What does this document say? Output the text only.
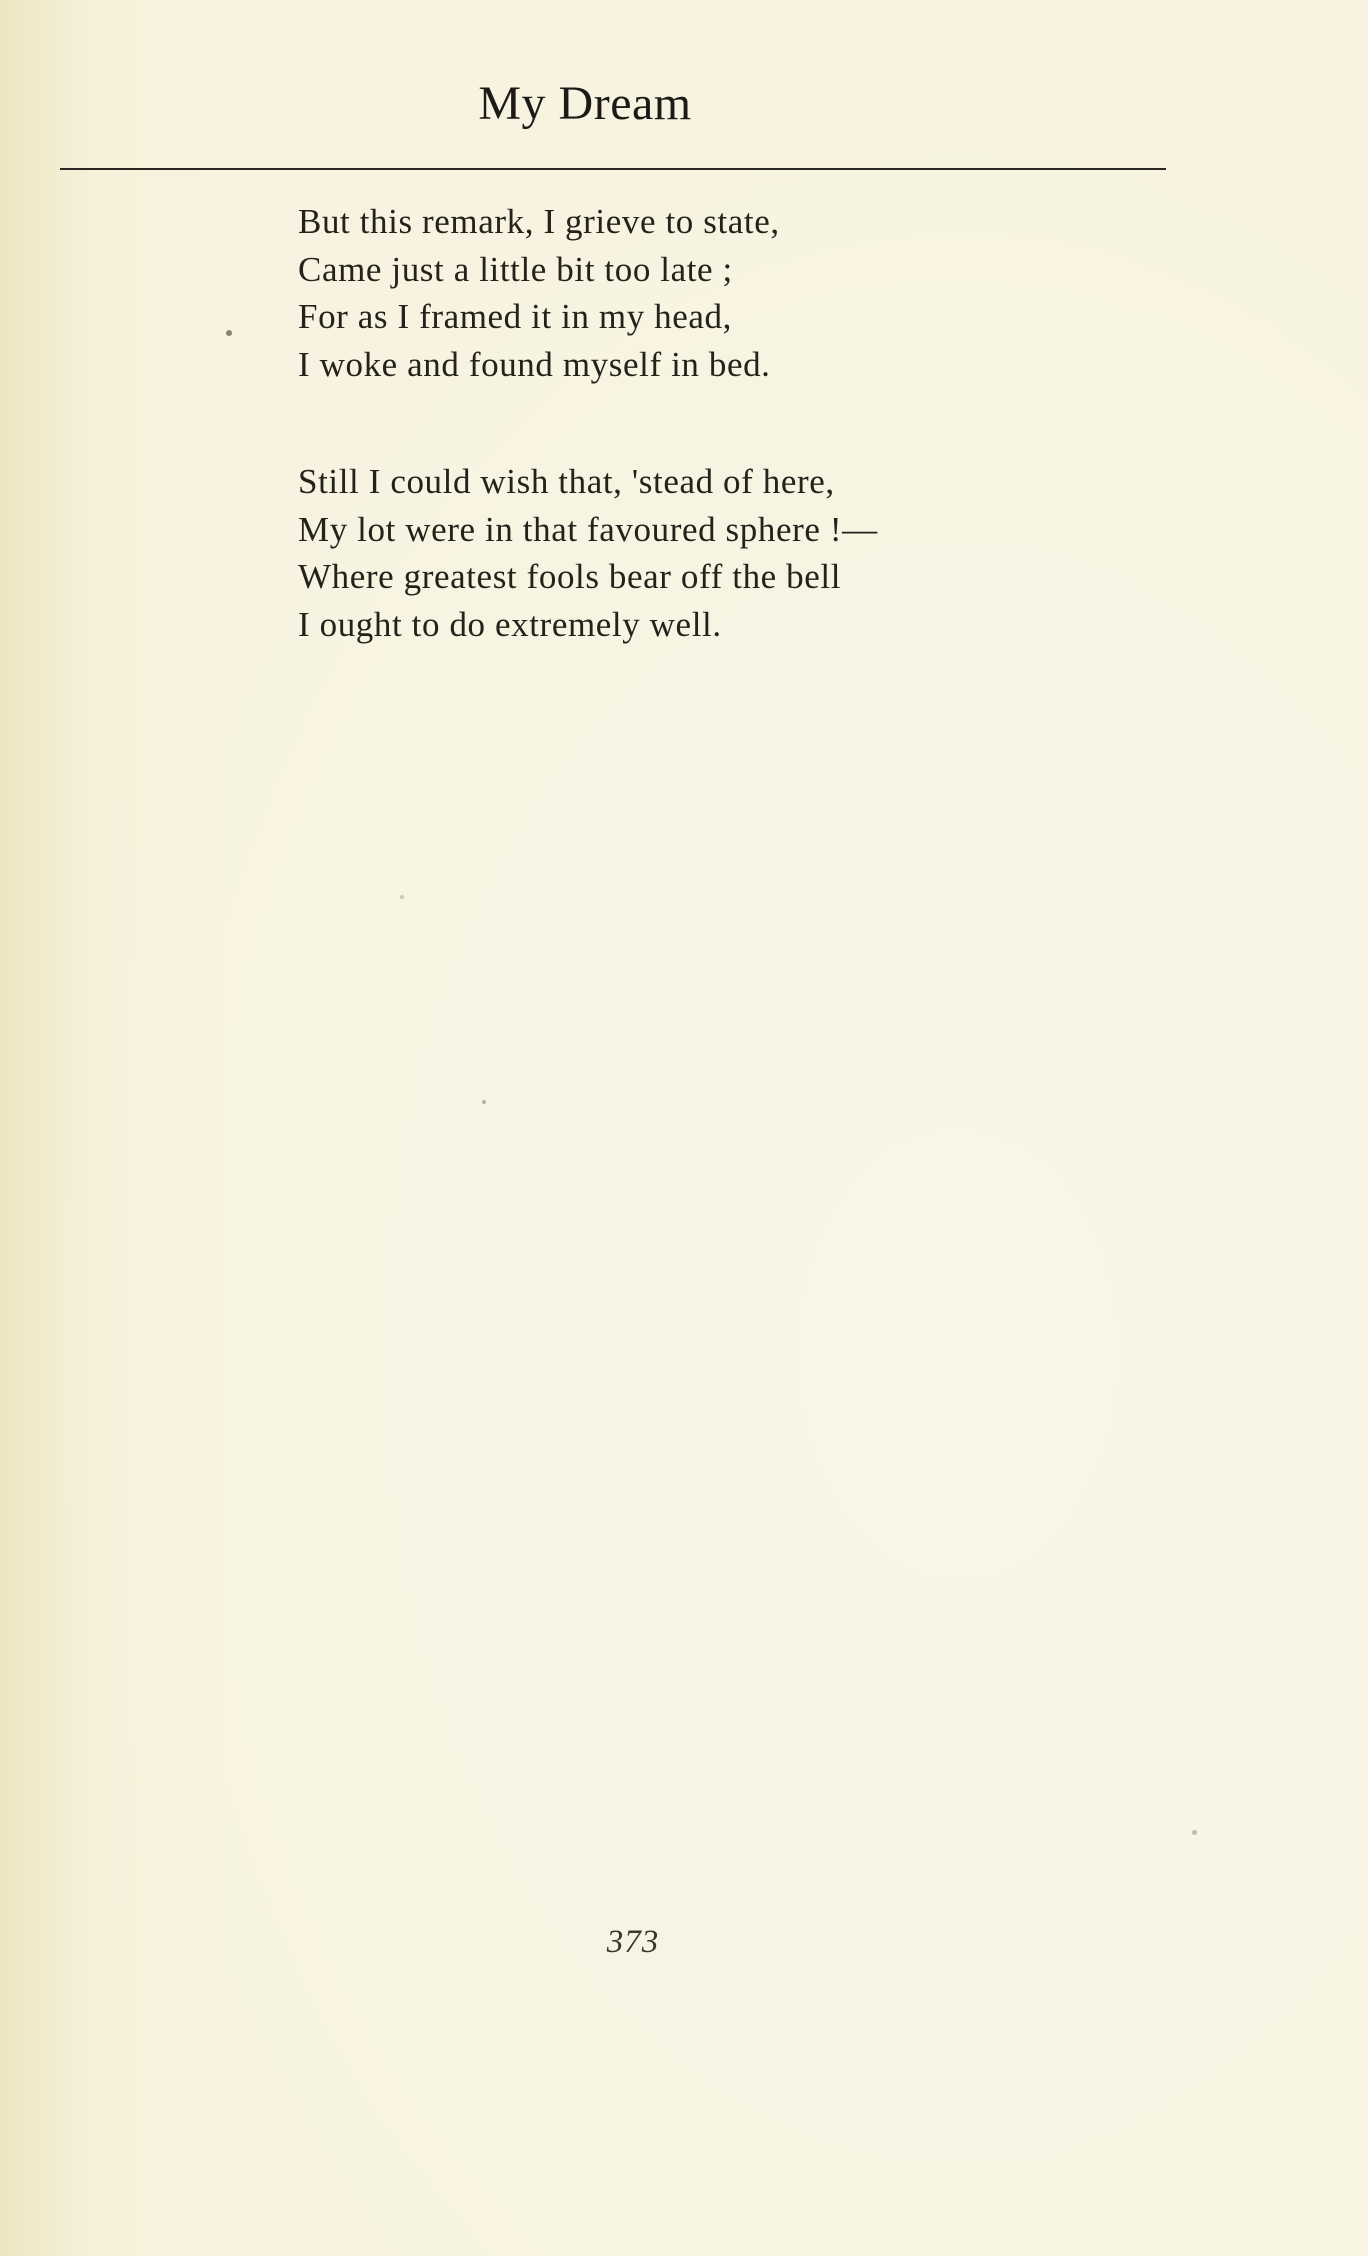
My Dream
But this remark, I grieve to state,
Came just a little bit too late ;
For as I framed it in my head,
I woke and found myself in bed.
Still I could wish that, 'stead of here,
My lot were in that favoured sphere !—
Where greatest fools bear off the bell
I ought to do extremely well.
373
